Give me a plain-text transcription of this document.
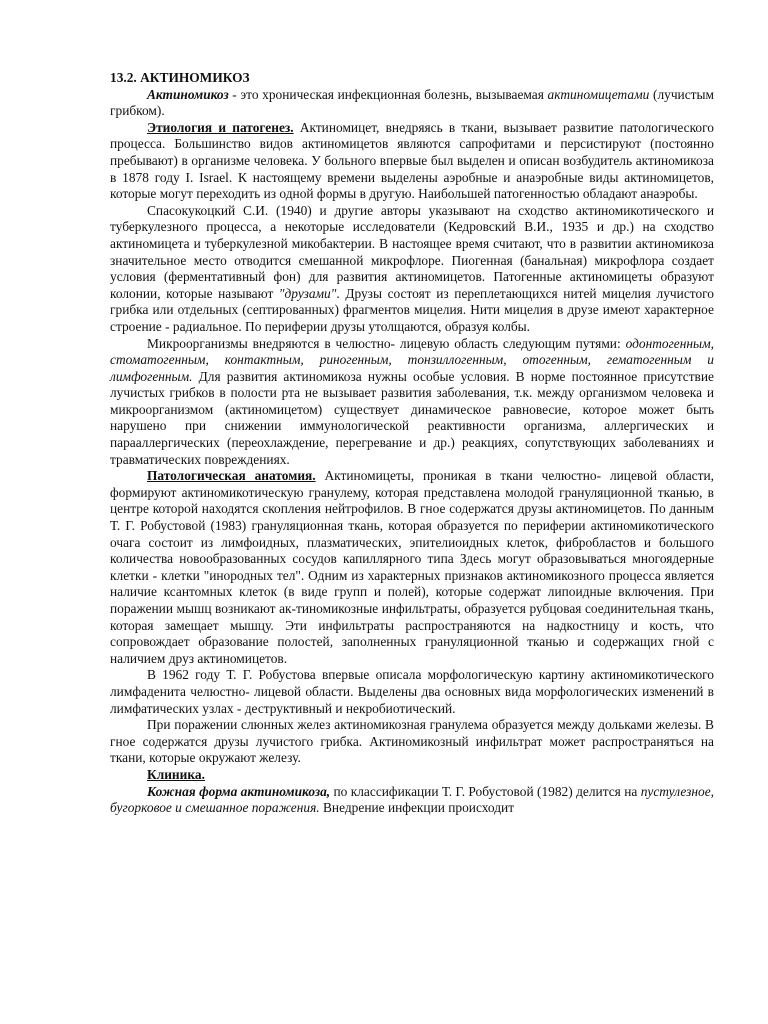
13.2. АКТИНОМИКОЗ

Актиномикоз - это хроническая инфекционная болезнь, вызываемая актиномицетами (лучистым грибком).

Этиология и патогенез. Актиномицет, внедряясь в ткани, вызывает развитие патологического процесса. Большинство видов актиномицетов являются сапрофитами и персистируют (постоянно пребывают) в организме человека. У больного впервые был выделен и описан возбудитель актиномикоза в 1878 году I. Israel. К настоящему времени выделены аэробные и анаэробные виды актиномицетов, которые могут переходить из одной формы в другую. Наибольшей патогенностью обладают анаэробы.

Спасокукоцкий С.И. (1940) и другие авторы указывают на сходство актиномикотического и туберкулезного процесса, а некоторые исследователи (Кедровский В.И., 1935 и др.) на сходство актиномицета и туберкулезной микобактерии. В настоящее время считают, что в развитии актиномикоза значительное место отводится смешанной микрофлоре. Пиогенная (банальная) микрофлора создает условия (ферментативный фон) для развития актиномицетов. Патогенные актиномицеты образуют колонии, которые называют "друзами". Друзы состоят из переплетающихся нитей мицелия лучистого грибка или отдельных (септированных) фрагментов мицелия. Нити мицелия в друзе имеют характерное строение - радиальное. По периферии друзы утолщаются, образуя колбы.

Микроорганизмы внедряются в челюстно- лицевую область следующим путями: одонтогенным, стоматогенным, контактным, риногенным, тонзиллогенным, отогенным, гематогенным и лимфогенным. Для развития актиномикоза нужны особые условия. В норме постоянное присутствие лучистых грибков в полости рта не вызывает развития заболевания, т.к. между организмом человека и микроорганизмом (актиномицетом) существует динамическое равновесие, которое может быть нарушено при снижении иммунологической реактивности организма, аллергических и парааллергических (переохлаждение, перегревание и др.) реакциях, сопутствующих заболеваниях и травматических повреждениях.

Патологическая анатомия. Актиномицеты, проникая в ткани челюстно- лицевой области, формируют актиномикотическую гранулему, которая представлена молодой грануляционной тканью, в центре которой находятся скопления нейтрофилов. В гное содержатся друзы актиномицетов. По данным Т. Г. Робустовой (1983) грануляционная ткань, которая образуется по периферии актиномикотического очага состоит из лимфоидных, плазматических, эпителиоидных клеток, фибробластов и большого количества новообразованных сосудов капиллярного типа Здесь могут образовываться многоядерные клетки - клетки "инородных тел". Одним из характерных признаков актиномикозного процесса является наличие ксантомных клеток (в виде групп и полей), которые содержат липоидные включения. При поражении мышц возникают ак-тиномикозные инфильтраты, образуется рубцовая соединительная ткань, которая замещает мышцу. Эти инфильтраты распространяются на надкостницу и кость, что сопровождает образование полостей, заполненных грануляционной тканью и содержащих гной с наличием друз актиномицетов.

В 1962 году Т. Г. Робустова впервые описала морфологическую картину актиномикотического лимфаденита челюстно- лицевой области. Выделены два основных вида морфологических изменений в лимфатических узлах - деструктивный и некробиотический.

При поражении слюнных желез актиномикозная гранулема образуется между дольками железы. В гное содержатся друзы лучистого грибка. Актиномикозный инфильтрат может распространяться на ткани, которые окружают железу.

Клиника.

Кожная форма актиномикоза, по классификации Т. Г. Робустовой (1982) делится на пустулезное, бугорковое и смешанное поражения. Внедрение инфекции происходит
